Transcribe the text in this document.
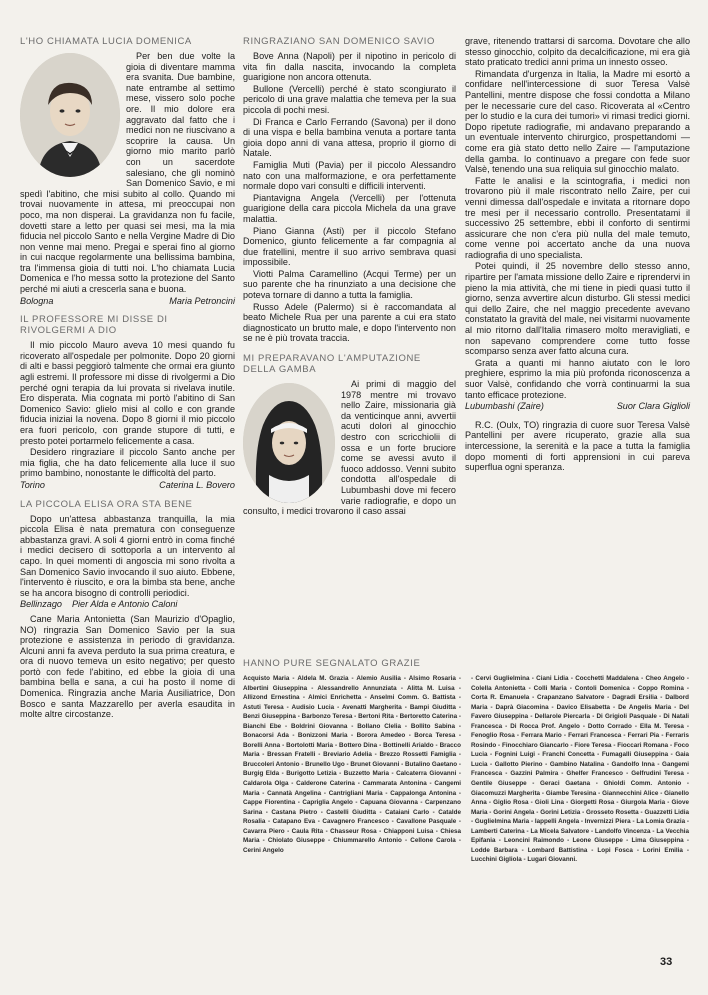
L'HO CHIAMATA LUCIA DOMENICA

Per ben due volte la gioia di diventare mamma era svanita. Due bambine, nate entrambe al settimo mese, vissero solo poche ore. Il mio dolore era aggravato dal fatto che i medici non ne riuscivano a scoprire la causa. Un giorno mio marito parlò con un sacerdote salesiano, che gli nominò San Domenico Savio, e mi spedì l'abitino, che misi subito al collo. Quando mi trovai nuovamente in attesa, mi preoccupai non poco, ma non disperai. La gravidanza non fu facile, dovetti stare a letto per quasi sei mesi, ma la mia fiducia nel piccolo Santo e nella Vergine Madre di Dio non venne mai meno. Pregai e sperai fino al giorno in cui nacque regolarmente una bellissima bambina, tra l'immensa gioia di tutti noi. L'ho chiamata Lucia Domenica e l'ho messa sotto la protezione del Santo perché mi aiuti a crescerla sana e buona.

Bologna	Maria Petroncini
IL PROFESSORE MI DISSE DI RIVOLGERMI A DIO

Il mio piccolo Mauro aveva 10 mesi quando fu ricoverato all'ospedale per polmonite. Dopo 20 giorni di alti e bassi peggiorò talmente che ormai era giunto agli estremi. Il professore mi disse di rivolgermi a Dio perché ogni terapia da lui provata si rivelava inutile. Ero disperata. Mia cognata mi portò l'abitino di San Domenico Savio: glielo misi al collo e con grande fiducia iniziai la novena. Dopo 8 giorni il mio piccolo era fuori pericolo, con grande stupore di tutti, e presto potei portarmelo felicemente a casa.

Desidero ringraziare il piccolo Santo anche per mia figlia, che ha dato felicemente alla luce il suo primo bambino, nonostante le difficoltà del parto.

Torino	Caterina L. Bovero
LA PICCOLA ELISA ORA STA BENE

Dopo un'attesa abbastanza tranquilla, la mia piccola Elisa è nata prematura con conseguenze abbastanza gravi. A soli 4 giorni entrò in coma finché i medici decisero di sottoporla a un intervento al capo. In quei momenti di angoscia mi sono rivolta a San Domenico Savio invocando il suo aiuto. Ebbene, l'intervento è riuscito, e ora la bimba sta bene, anche se ha ancora bisogno di controlli periodici.

Bellinzago Pier Alda e Antonio Caloni

Cane Maria Antonietta (San Maurizio d'Opaglio, NO) ringrazia San Domenico Savio per la sua protezione e assistenza in periodo di gravidanza. Alcuni anni fa aveva perduto la sua prima creatura, e ora di nuovo temeva un esito negativo; per questo portò con fede l'abitino, ed ebbe la gioia di una bambina bella e sana, a cui ha posto il nome di Domenica. Ringrazia anche Maria Ausiliatrice, Don Bosco e santa Mazzarello per averla esaudita in molte altre circostanze.

RINGRAZIANO SAN DOMENICO SAVIO

Bove Anna (Napoli) per il nipotino in pericolo di vita fin dalla nascita, invocando la completa guarigione non ancora ottenuta.

Bullone (Vercelli) perché è stato scongiurato il pericolo di una grave malattia che temeva per la sua piccola di pochi mesi.

Di Franca e Carlo Ferrando (Savona) per il dono di una vispa e bella bambina venuta a portare tanta gioia dopo anni di vana attesa, proprio il giorno di Natale.

Famiglia Muti (Pavia) per il piccolo Alessandro nato con una malformazione, e ora perfettamente normale dopo vari consulti e difficili interventi.

Piantavigna Angela (Vercelli) per l'ottenuta guarigione della cara piccola Michela da una grave malattia.

Piano Gianna (Asti) per il piccolo Stefano Domenico, giunto felicemente a far compagnia al due fratellini, mentre il suo arrivo sembrava quasi impossibile.

Viotti Palma Caramellino (Acqui Terme) per un suo parente che ha rinunziato a una decisione che poteva tornare di danno a tutta la famiglia.

Russo Adele (Palermo) si è raccomandata al beato Michele Rua per una parente a cui era stato diagnosticato un brutto male, e dopo l'intervento non se ne è più trovata traccia.

MI PREPARAVANO L'AMPUTAZIONE DELLA GAMBA

Ai primi di maggio del 1978 mentre mi trovavo nello Zaire, missionaria già da venticinque anni, avvertii acuti dolori al ginocchio destro con scricchiolii di ossa e un forte bruciore come se avessi avuto il fuoco addosso. Venni subito condotta all'ospedale di Lubumbashi dove mi fecero varie radiografie, e dopo un consulto, i medici trovarono il caso assai

grave, ritenendo trattarsi di sarcoma. Dovotare che allo stesso ginocchio, colpito da decalcificazione, mi era già stato praticato tredici anni prima un innesto osseo.

Rimandata d'urgenza in Italia, la Madre mi esortò a confidare nell'intercessione di suor Teresa Valsè Pantellini, mentre dispose che fossi condotta a Milano per le necessarie cure del caso. Ricoverata al «Centro per lo studio e la cura dei tumori» vi rimasi tredici giorni. Dopo ripetute radiografie, mi andavano preparando a un eventuale intervento chirurgico, prospettandomi — come era già stato detto nello Zaire — l'amputazione della gamba. Io continuavo a pregare con fede suor Valsè, tenendo una sua reliquia sul ginocchio malato.

Fatte le analisi e la scintografia, i medici non trovarono più il male riscontrato nello Zaire, per cui venni dimessa dall'ospedale e invitata a ritornare dopo tre mesi per il necessario controllo. Presentatami il successivo 25 settembre, ebbi il conforto di sentirmi assicurare che non c'era più nulla del male temuto, come venne poi accertato anche da una nuova radiografia di uno specialista.

Potei quindi, il 25 novembre dello stesso anno, ripartire per l'amata missione dello Zaire e riprendervi in pieno la mia attività, che mi tiene in piedi quasi tutto il giorno, senza avvertire alcun disturbo. Gli stessi medici qui dello Zaire, che nel maggio precedente avevano constatato la gravità del male, nei visitarmi nuovamente al mio ritorno dall'Italia rimasero molto meravigliati, e non sapevano comprendere come tutto fosse scomparso senza aver fatto alcuna cura.

Grata a quanti mi hanno aiutato con le loro preghiere, esprimo la mia più profonda riconoscenza a suor Valsè, confidando che vorrà continuarmi la sua tanto efficace protezione.

Lubumbashi (Zaire)	Suor Clara Giglioli

R.C. (Oulx, TO) ringrazia di cuore suor Teresa Valsè Pantellini per avere ricuperato, grazie alla sua intercessione, la serenità e la pace a tutta la famiglia dopo momenti di forti apprensioni in cui pareva superflua ogni speranza.

HANNO PURE SEGNALATO GRAZIE
Acquisto Maria - Aldela M. Grazia - Alemio Ausilia - Alsimo Rosaria - Albertini Giuseppina - Alessandrello Annunziata - Alitta M. Luisa - Allizond Ernestina - Almici Enrichetta - Anselmi Comm. G. Battista - Astuti Teresa - Audisio Lucia - Avenatti Margherita - Bampi Giuditta - Benzi Giuseppina - Barbonzo Teresa - Bertoni Rita - Bertoretto Caterina - Bianchi Ebe - Boldrini Giovanna - Bollano Clelia - Bollito Sabina - Bonacorsi Ada - Bonizzoni Maria - Borora Amedeo - Borca Teresa - Borelli Anna - Bortolotti Maria - Bottero Dina - Bottinelli Arialdo - Bracco Maria - Bressan Fratelli - Breviario Adelia - Brezzo Rossetti Famiglia - Bruccoleri Antonio - Brunello Ugo - Brunet Giovanni - Butalino Gaetano - Burgig Elda - Burigotto Letizia - Buzzetto Maria - Calcaterra Giovanni - Caldarola Olga - Calderone Caterina - Cammarata Antonina - Cangemi Maria - Cannatà Angelina - Cantrigliani Maria - Cappalonga Antonina - Cappe Fiorentina - Capriglia Angelo - Capuana Giovanna - Carpenzano Sarina - Castana Pietro - Castelli Giuditta - Cataiani Carlo - Catalde Rosalia - Catapano Eva - Cavagnero Francesco - Cavallone Pasquale - Cavarra Piero - Caula Rita - Chasseur Rosa - Chiapponi Luisa - Chiesa Maria - Chiolato Giuseppe - Chiummarello Antonio - Cellone Carola - Cerini Angelo
- Cervi Guglielmina - Ciani Lidia - Cocchetti Maddalena - Cheo Angelo - Colella Antonietta - Colli Maria - Contoli Domenica - Coppo Romina - Corta R. Emanuela - Crapanzano Salvatore - Dagradi Ersilia - Dalbord Maria - Daprà Giacomina - Davico Elisabetta - De Angelis Maria - Del Favero Giuseppina - Dellarole Piercarla - Di Grigioli Pasquale - Di Natali Francesca - Di Rocca Prof. Angelo - Dotto Corrado - Ella M. Teresa - Fenoglio Rosa - Ferrara Mario - Ferrari Francesca - Ferrari Pia - Ferraris Rosindo - Finocchiaro Giancarlo - Fiore Teresa - Fioccari Romana - Foco Lucia - Fognini Luigi - Franchi Concetta - Fumagalli Giuseppina - Gaia Lucia - Gallotto Pierino - Gambino Natalina - Gandolfo Inna - Gangemi Francesca - Gazzini Palmira - Ghelfer Francesco - Gelfrudini Teresa - Gentile Giuseppe - Geraci Gaetana - Ghioldi Comm. Antonio - Giacomuzzi Margherita - Giambe Teresina - Giannecchini Alice - Gianello Anna - Giglio Rosa - Gioli Lina - Giorgetti Rosa - Giurgola Maria - Giove Maria - Gorini Angela - Gorini Letizia - Grosseto Rosetta - Guazzetti Lidia - Guglielmina Maria - Iappelli Angela - Invernizzi Piera - La Lomia Grazia - Lamberti Caterina - La Micela Salvatore - Landolfo Vincenza - La Vecchia Epifania - Leoncini Raimondo - Leone Giuseppe - Lima Giuseppina - Lodde Barbara - Lombard Battistina - Lopi Fosca - Lorini Emilia - Lucchini Gigliola - Lugari Giovanni.
33
